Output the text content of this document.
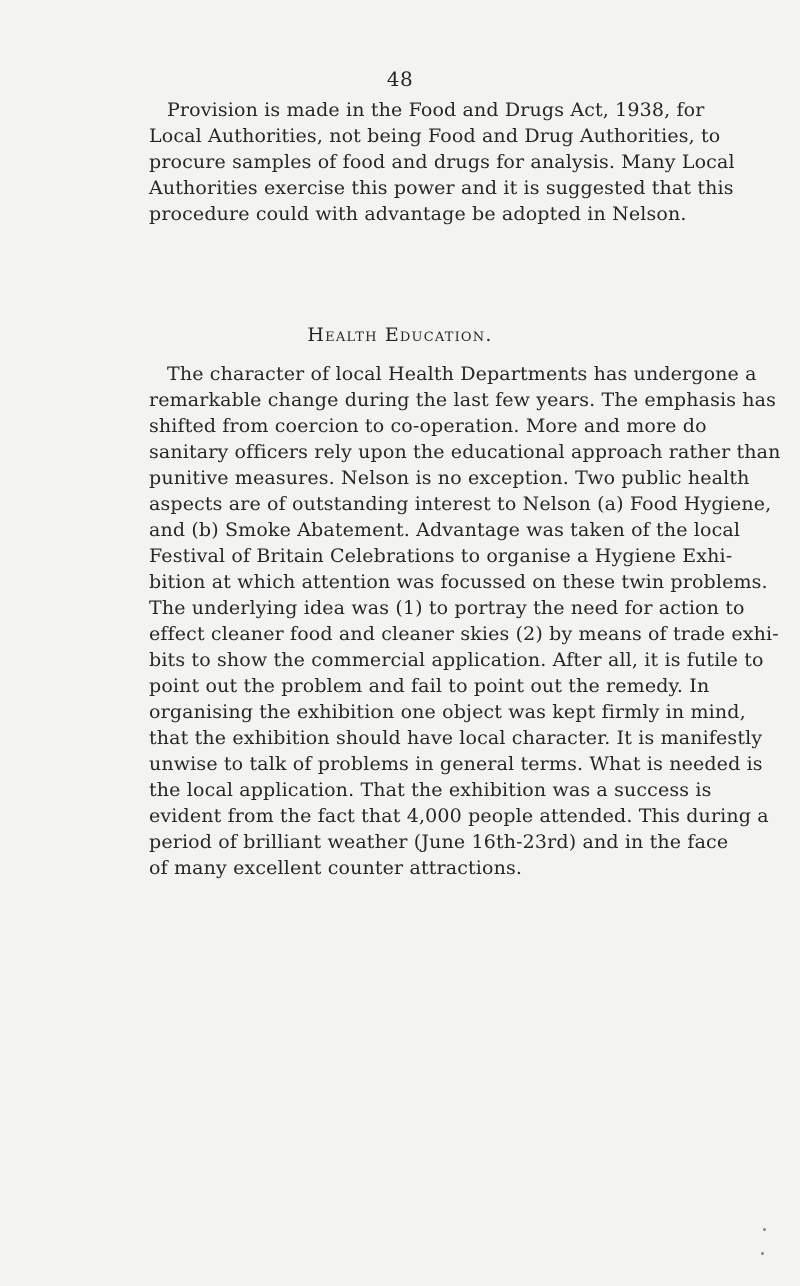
48

Provision is made in the Food and Drugs Act, 1938, for
Local Authorities, not being Food and Drug Authorities, to
procure samples of food and drugs for analysis. Many Local
Authorities exercise this power and it is suggested that this
procedure could with advantage be adopted in Nelson.

Health Education.

The character of local Health Departments has undergone a
remarkable change during the last few years. The emphasis has
shifted from coercion to co-operation. More and more do
sanitary officers rely upon the educational approach rather than
punitive measures. Nelson is no exception. Two public health
aspects are of outstanding interest to Nelson (a) Food Hygiene,
and (b) Smoke Abatement. Advantage was taken of the local
Festival of Britain Celebrations to organise a Hygiene Exhi-
bition at which attention was focussed on these twin problems.
The underlying idea was (1) to portray the need for action to
effect cleaner food and cleaner skies (2) by means of trade exhi-
bits to show the commercial application. After all, it is futile to
point out the problem and fail to point out the remedy. In
organising the exhibition one object was kept firmly in mind,
that the exhibition should have local character. It is manifestly
unwise to talk of problems in general terms. What is needed is
the local application. That the exhibition was a success is
evident from the fact that 4,000 people attended. This during a
period of brilliant weather (June 16th-23rd) and in the face
of many excellent counter attractions.
